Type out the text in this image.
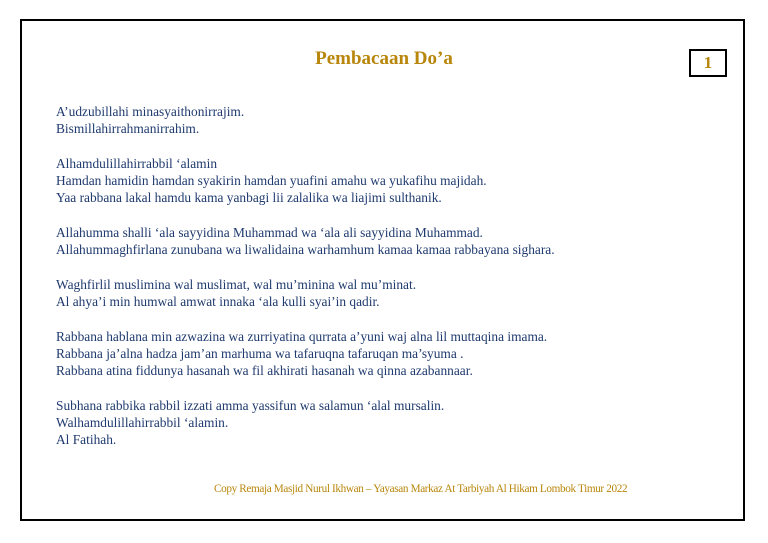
Pembacaan Do’a	1
A’udzubillahi minasyaithonirrajim.
Bismillahirrahmanirrahim.
Alhamdulillahirrabbil ‘alamin
Hamdan hamidin hamdan syakirin hamdan yuafini amahu wa yukafihu majidah.
Yaa rabbana lakal hamdu kama yanbagi lii zalalika wa liajimi sulthanik.
Allahumma shalli ‘ala sayyidina Muhammad wa ‘ala ali sayyidina Muhammad.
Allahummaghfirlana zunubana wa liwalidaina warhamhum kamaa kamaa rabbayana sighara.
Waghfirlil muslimina wal muslimat, wal mu’minina wal mu’minat.
Al ahya’i min humwal amwat innaka ‘ala kulli syai’in qadir.
Rabbana hablana min azwazina wa zurriyatina qurrata a’yuni waj alna lil muttaqina imama.
Rabbana ja’alna hadza jam’an marhuma wa tafaruqna tafaruqan ma’syuma .
Rabbana atina fiddunya hasanah wa fil akhirati hasanah wa qinna azabannaar.
Subhana rabbika rabbil izzati amma yassifun wa salamun ‘alal mursalin.
Walhamdulillahirrabbil ‘alamin.
Al Fatihah.
Copy Remaja Masjid Nurul Ikhwan – Yayasan Markaz At Tarbiyah Al Hikam Lombok Timur 2022
